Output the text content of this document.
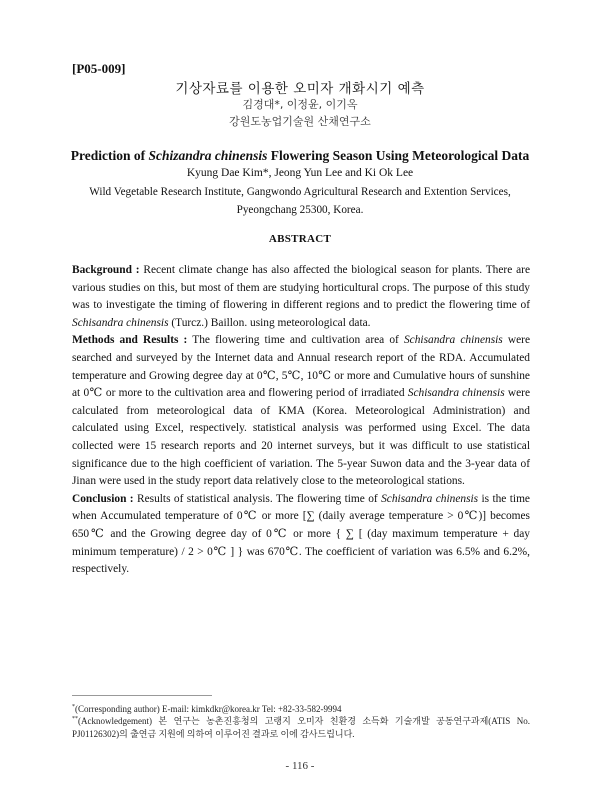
[P05-009]
기상자료를 이용한 오미자 개화시기 예측
김경대*, 이정윤, 이기옥
강원도농업기술원 산채연구소
Prediction of Schizandra chinensis Flowering Season Using Meteorological Data
Kyung Dae Kim*, Jeong Yun Lee and Ki Ok Lee
Wild Vegetable Research Institute, Gangwondo Agricultural Research and Extention Services,
Pyeongchang 25300, Korea.
ABSTRACT

Background : Recent climate change has also affected the biological season for plants. There are various studies on this, but most of them are studying horticultural crops. The purpose of this study was to investigate the timing of flowering in different regions and to predict the flowering time of Schisandra chinensis (Turcz.) Baillon. using meteorological data.

Methods and Results : The flowering time and cultivation area of Schisandra chinensis were searched and surveyed by the Internet data and Annual research report of the RDA. Accumulated temperature and Growing degree day at 0℃, 5℃, 10℃ or more and Cumulative hours of sunshine at 0℃ or more to the cultivation area and flowering period of irradiated Schisandra chinensis were calculated from meteorological data of KMA (Korea. Meteorological Administration) and calculated using Excel, respectively. statistical analysis was performed using Excel. The data collected were 15 research reports and 20 internet surveys, but it was difficult to use statistical significance due to the high coefficient of variation. The 5-year Suwon data and the 3-year data of Jinan were used in the study report data relatively close to the meteorological stations.

Conclusion : Results of statistical analysis. The flowering time of Schisandra chinensis is the time when Accumulated temperature of 0℃ or more [∑ (daily average temperature > 0℃)] becomes 650℃ and the Growing degree day of 0℃ or more { ∑ [ (day maximum temperature + day minimum temperature) / 2 > 0℃ ] } was 670℃. The coefficient of variation was 6.5% and 6.2%, respectively.

*(Corresponding author) E-mail: kimkdkr@korea.kr Tel: +82-33-582-9994
**(Acknowledgement) 본 연구는 농촌진흥청의 고랭지 오미자 친환경 소득화 기술개발 공동연구과제(ATIS No. PJ01126302)의 출연금 지원에 의하여 이루어진 결과로 이에 감사드립니다.
- 116 -
